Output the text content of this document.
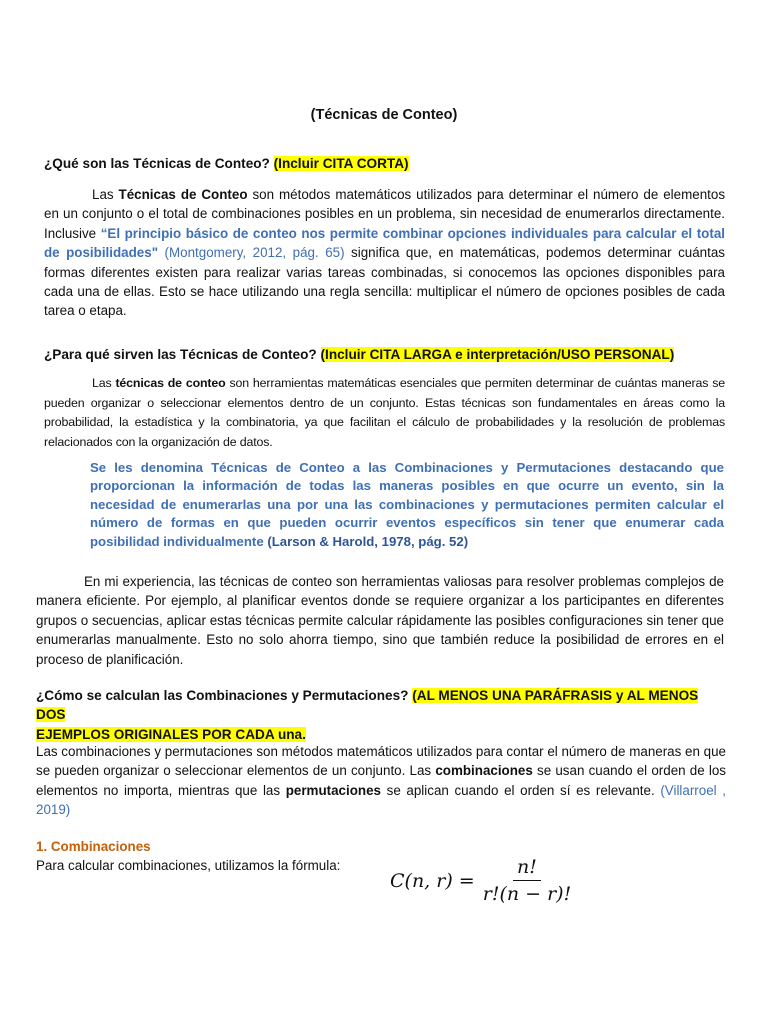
(Técnicas de Conteo)
¿Qué son las Técnicas de Conteo? (Incluir CITA CORTA)
Las Técnicas de Conteo son métodos matemáticos utilizados para determinar el número de elementos en un conjunto o el total de combinaciones posibles en un problema, sin necesidad de enumerarlos directamente. Inclusive “El principio básico de conteo nos permite combinar opciones individuales para calcular el total de posibilidades" (Montgomery, 2012, pág. 65) significa que, en matemáticas, podemos determinar cuántas formas diferentes existen para realizar varias tareas combinadas, si conocemos las opciones disponibles para cada una de ellas. Esto se hace utilizando una regla sencilla: multiplicar el número de opciones posibles de cada tarea o etapa.
¿Para qué sirven las Técnicas de Conteo? (Incluir CITA LARGA e interpretación/USO PERSONAL)
Las técnicas de conteo son herramientas matemáticas esenciales que permiten determinar de cuántas maneras se pueden organizar o seleccionar elementos dentro de un conjunto. Estas técnicas son fundamentales en áreas como la probabilidad, la estadística y la combinatoria, ya que facilitan el cálculo de probabilidades y la resolución de problemas relacionados con la organización de datos.
Se les denomina Técnicas de Conteo a las Combinaciones y Permutaciones destacando que proporcionan la información de todas las maneras posibles en que ocurre un evento, sin la necesidad de enumerarlas una por una las combinaciones y permutaciones permiten calcular el número de formas en que pueden ocurrir eventos específicos sin tener que enumerar cada posibilidad individualmente (Larson & Harold, 1978, pág. 52)
En mi experiencia, las técnicas de conteo son herramientas valiosas para resolver problemas complejos de manera eficiente. Por ejemplo, al planificar eventos donde se requiere organizar a los participantes en diferentes grupos o secuencias, aplicar estas técnicas permite calcular rápidamente las posibles configuraciones sin tener que enumerarlas manualmente. Esto no solo ahorra tiempo, sino que también reduce la posibilidad de errores en el proceso de planificación.
¿Cómo se calculan las Combinaciones y Permutaciones? (AL MENOS UNA PARÁFRASIS y AL MENOS DOS
EJEMPLOS ORIGINALES POR CADA una.
Las combinaciones y permutaciones son métodos matemáticos utilizados para contar el número de maneras en que se pueden organizar o seleccionar elementos de un conjunto. Las combinaciones se usan cuando el orden de los elementos no importa, mientras que las permutaciones se aplican cuando el orden sí es relevante. (Villarroel , 2019)
1. Combinaciones
Para calcular combinaciones, utilizamos la fórmula:
C(n, $r) = \frac{n!}{r!(n - r)!}$
